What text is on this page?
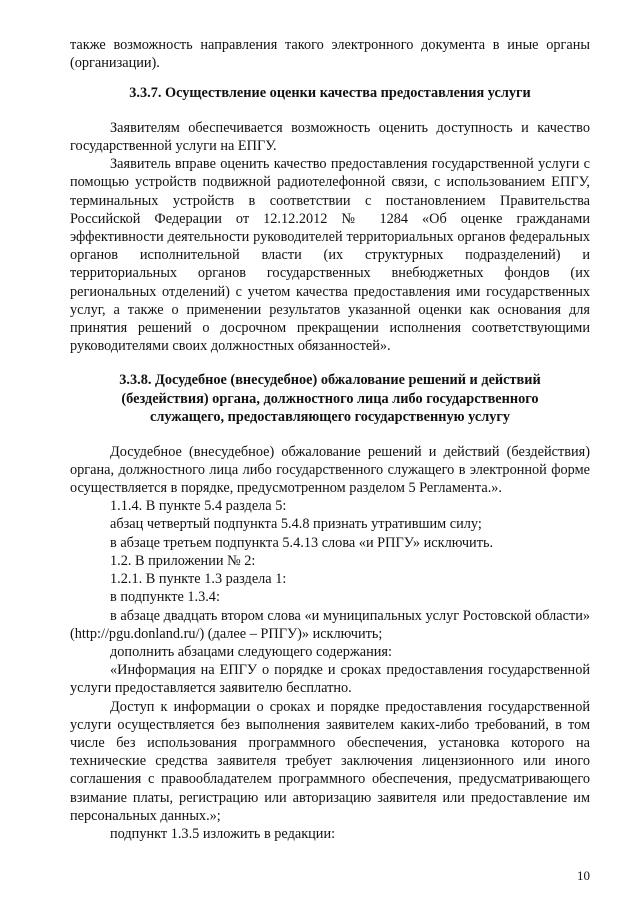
также возможность направления такого электронного документа в иные органы (организации).

3.3.7. Осуществление оценки качества предоставления услуги

Заявителям обеспечивается возможность оценить доступность и качество государственной услуги на ЕПГУ.

Заявитель вправе оценить качество предоставления государственной услуги с помощью устройств подвижной радиотелефонной связи, с использованием ЕПГУ, терминальных устройств в соответствии с постановлением Правительства Российской Федерации от 12.12.2012 № 1284 «Об оценке гражданами эффективности деятельности руководителей территориальных органов федеральных органов исполнительной власти (их структурных подразделений) и территориальных органов государственных внебюджетных фондов (их региональных отделений) с учетом качества предоставления ими государственных услуг, а также о применении результатов указанной оценки как основания для принятия решений о досрочном прекращении исполнения соответствующими руководителями своих должностных обязанностей».

3.3.8. Досудебное (внесудебное) обжалование решений и действий
(бездействия) органа, должностного лица либо государственного
служащего, предоставляющего государственную услугу

Досудебное (внесудебное) обжалование решений и действий (бездействия) органа, должностного лица либо государственного служащего в электронной форме осуществляется в порядке, предусмотренном разделом 5 Регламента.».

1.1.4. В пункте 5.4 раздела 5:

абзац четвертый подпункта 5.4.8 признать утратившим силу;

в абзаце третьем подпункта 5.4.13 слова «и РПГУ» исключить.

1.2. В приложении № 2:

1.2.1. В пункте 1.3 раздела 1:

в подпункте 1.3.4:

в абзаце двадцать втором слова «и муниципальных услуг Ростовской области» (http://pgu.donland.ru/) (далее – РПГУ)» исключить;

дополнить абзацами следующего содержания:

«Информация на ЕПГУ о порядке и сроках предоставления государственной услуги предоставляется заявителю бесплатно.

Доступ к информации о сроках и порядке предоставления государственной услуги осуществляется без выполнения заявителем каких-либо требований, в том числе без использования программного обеспечения, установка которого на технические средства заявителя требует заключения лицензионного или иного соглашения с правообладателем программного обеспечения, предусматривающего взимание платы, регистрацию или авторизацию заявителя или предоставление им персональных данных.»;

подпункт 1.3.5 изложить в редакции:

10
